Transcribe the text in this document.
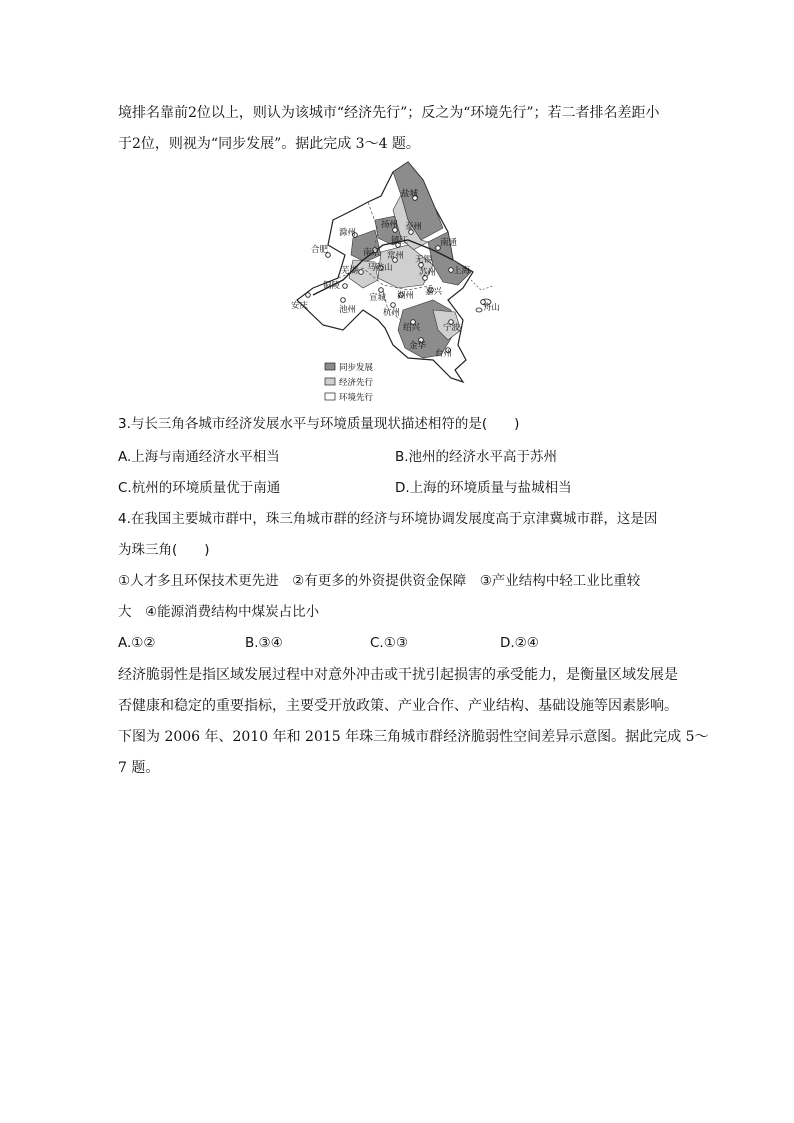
境排名靠前2位以上，则认为该城市“经济先行”；反之为“环境先行”；若二者排名差距小
于2位，则视为“同步发展”。据此完成 3～4 题。
盐城
扬州 泰州
滁州
南通
合肥	南京
镇江
常州 无锡
芜湖 马鞍山	上海
铜陵
苏州
嘉兴
安庆	池州
宣城 湖州
舟山
杭州
绍兴	宁波
金华
台州
同步发展
经济先行
环境先行
3.与长三角各城市经济发展水平与环境质量现状描述相符的是(　　)
A.上海与南通经济水平相当	B.池州的经济水平高于苏州
C.杭州的环境质量优于南通	D.上海的环境质量与盐城相当
4.在我国主要城市群中，珠三角城市群的经济与环境协调发展度高于京津冀城市群，这是因
为珠三角(　　)
①人才多且环保技术更先进　②有更多的外资提供资金保障　③产业结构中轻工业比重较
大　④能源消费结构中煤炭占比小
A.①②	B.③④	C.①③	D.②④
经济脆弱性是指区域发展过程中对意外冲击或干扰引起损害的承受能力，是衡量区域发展是
否健康和稳定的重要指标，主要受开放政策、产业合作、产业结构、基础设施等因素影响。
下图为 2006 年、2010 年和 2015 年珠三角城市群经济脆弱性空间差异示意图。据此完成 5～
7 题。
